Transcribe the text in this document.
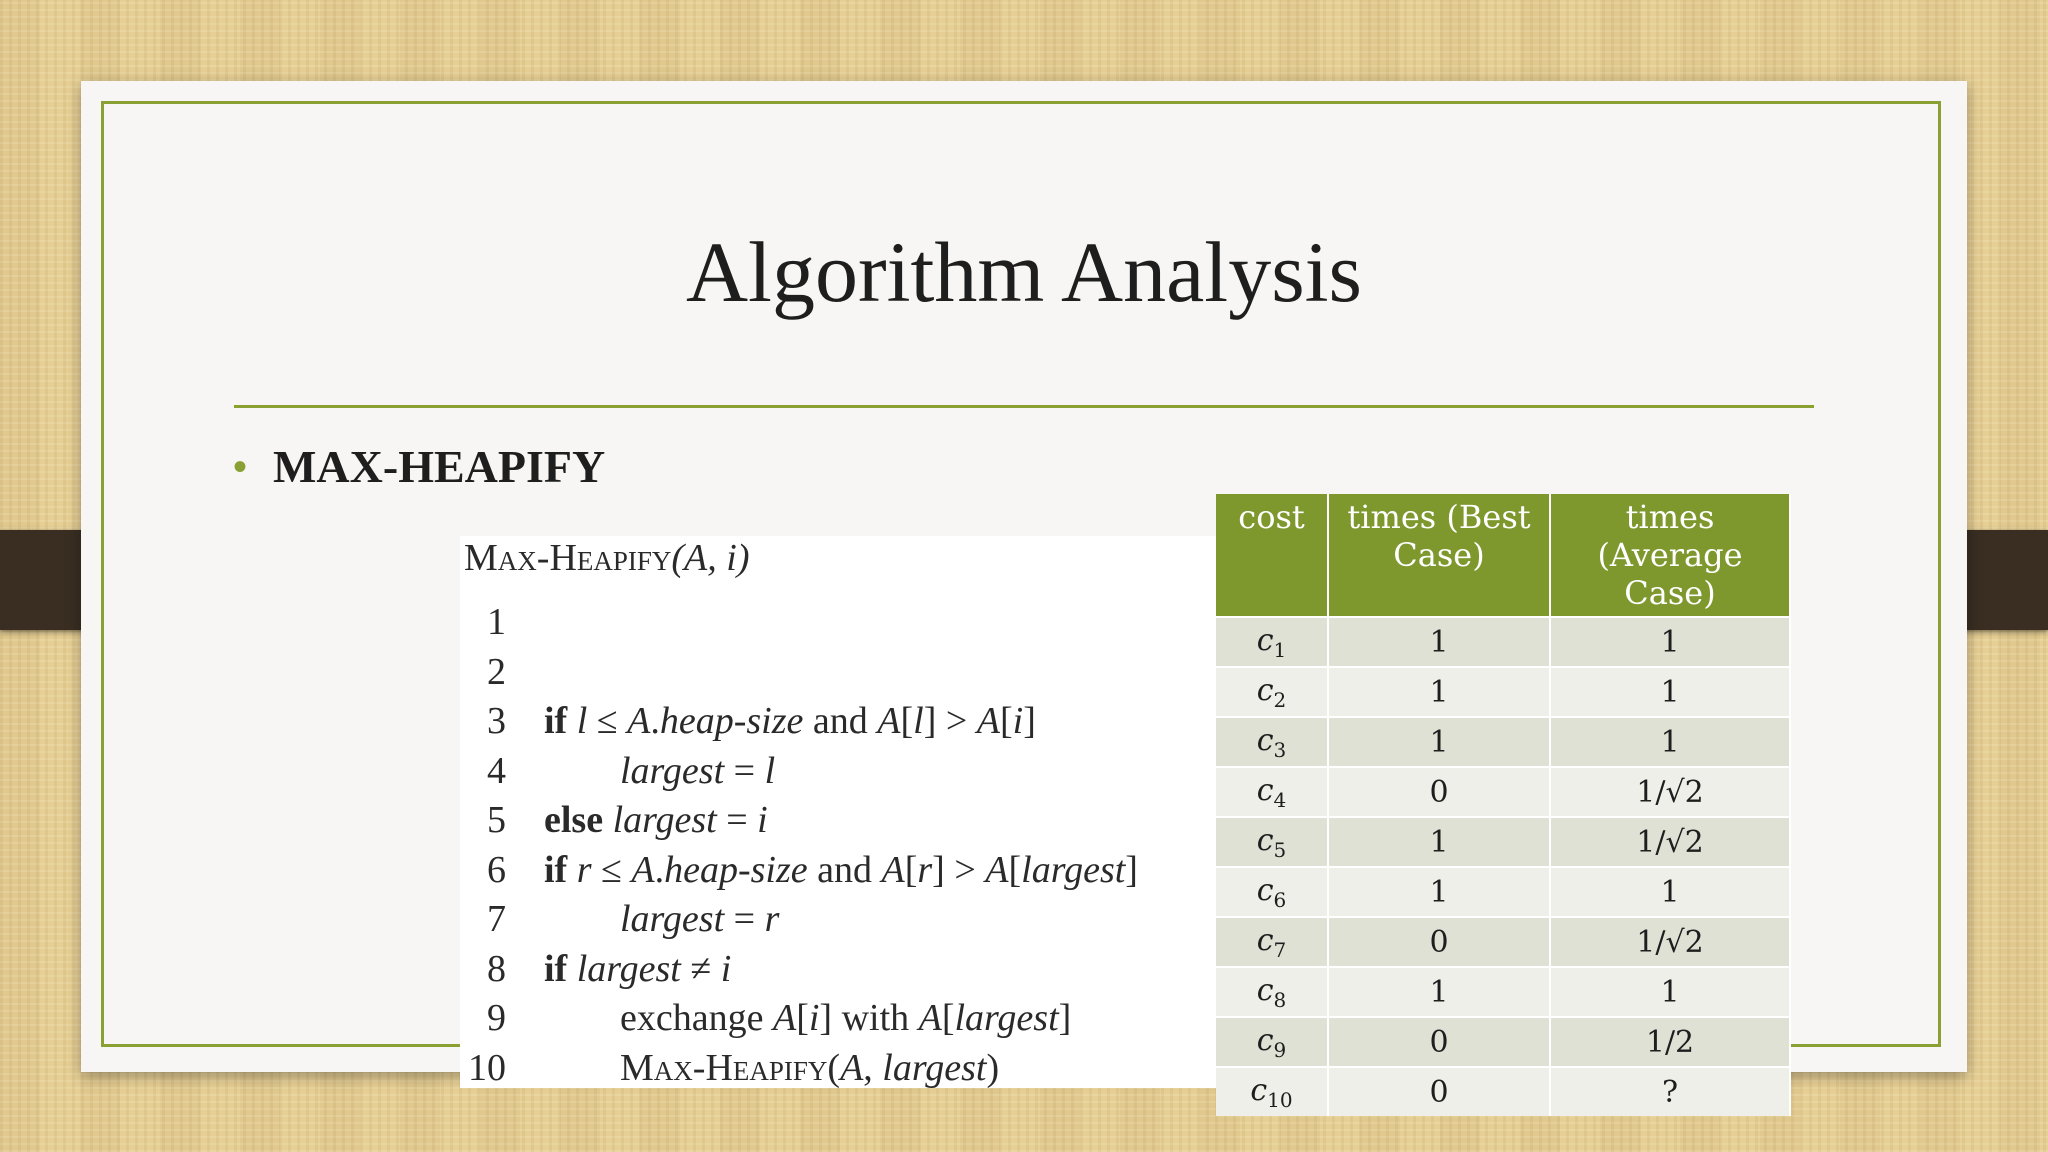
Algorithm Analysis
• MAX-HEAPIFY
Max-Heapify(A, i)
1
2
3 if l ≤ A.heap-size and A[l] > A[i]
4	largest = l
5 else largest = i
6 if r ≤ A.heap-size and A[r] > A[largest]
7	largest = r
8 if largest ≠ i
9	exchange A[i] with A[largest]
10	Max-Heapify(A, largest)
cost	times (Best Case)	times (Average Case)
$c_1$	1	1
$c_2$	1	1
$c_3$	1	1
$c_4$	0	1/√2
$c_5$	1	1/√2
$c_6$	1	1
$c_7$	0	1/√2
$c_8$	1	1
$c_9$	0	1/2
$c_{10}$	0	?
